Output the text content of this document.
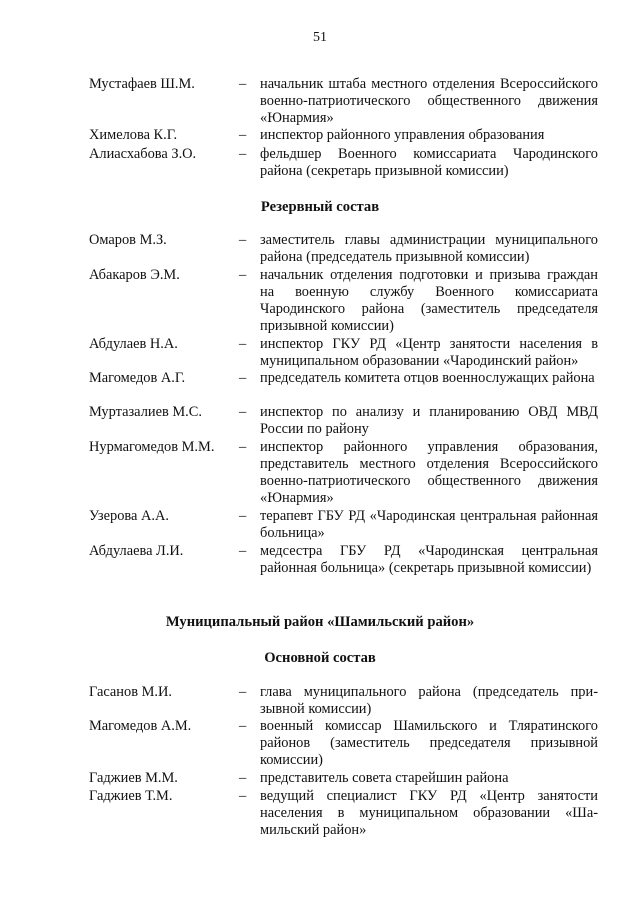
51
Мустафаев Ш.М.	– начальник штаба местного отделения Всероссийского военно-патриотического общественного движения «Юнармия»
Химелова К.Г.	– инспектор районного управления образования
Алиасхабова З.О.	– фельдшер Военного комиссариата Чародинского района (секретарь призывной комиссии)
Резервный состав
Омаров М.З.	– заместитель главы администрации муниципального района (председатель призывной комиссии)
Абакаров Э.М.	– начальник отделения подготовки и призыва граждан на военную службу Военного комиссариата Чародинского района (заместитель председателя призывной комиссии)
Абдулаев Н.А.	– инспектор ГКУ РД «Центр занятости населения в муниципальном образовании «Чародинский район»
Магомедов А.Г.	– председатель комитета отцов военнослужащих района
Муртазалиев М.С.	– инспектор по анализу и планированию ОВД МВД России по району
Нурмагомедов М.М.	– инспектор районного управления образования, представитель местного отделения Всероссийского военно-патриотического общественного движения «Юнармия»
Узерова А.А.	– терапевт ГБУ РД «Чародинская центральная районная больница»
Абдулаева Л.И.	– медсестра ГБУ РД «Чародинская центральная районная больница» (секретарь призывной комиссии)
Муниципальный район «Шамильский район»
Основной состав
Гасанов М.И.	– глава муниципального района (председатель призывной комиссии)
Магомедов А.М.	– военный комиссар Шамильского и Тляратинского районов (заместитель председателя призывной комиссии)
Гаджиев М.М.	– представитель совета старейшин района
Гаджиев Т.М.	– ведущий специалист ГКУ РД «Центр занятости населения в муниципальном образовании «Шамильский район»
